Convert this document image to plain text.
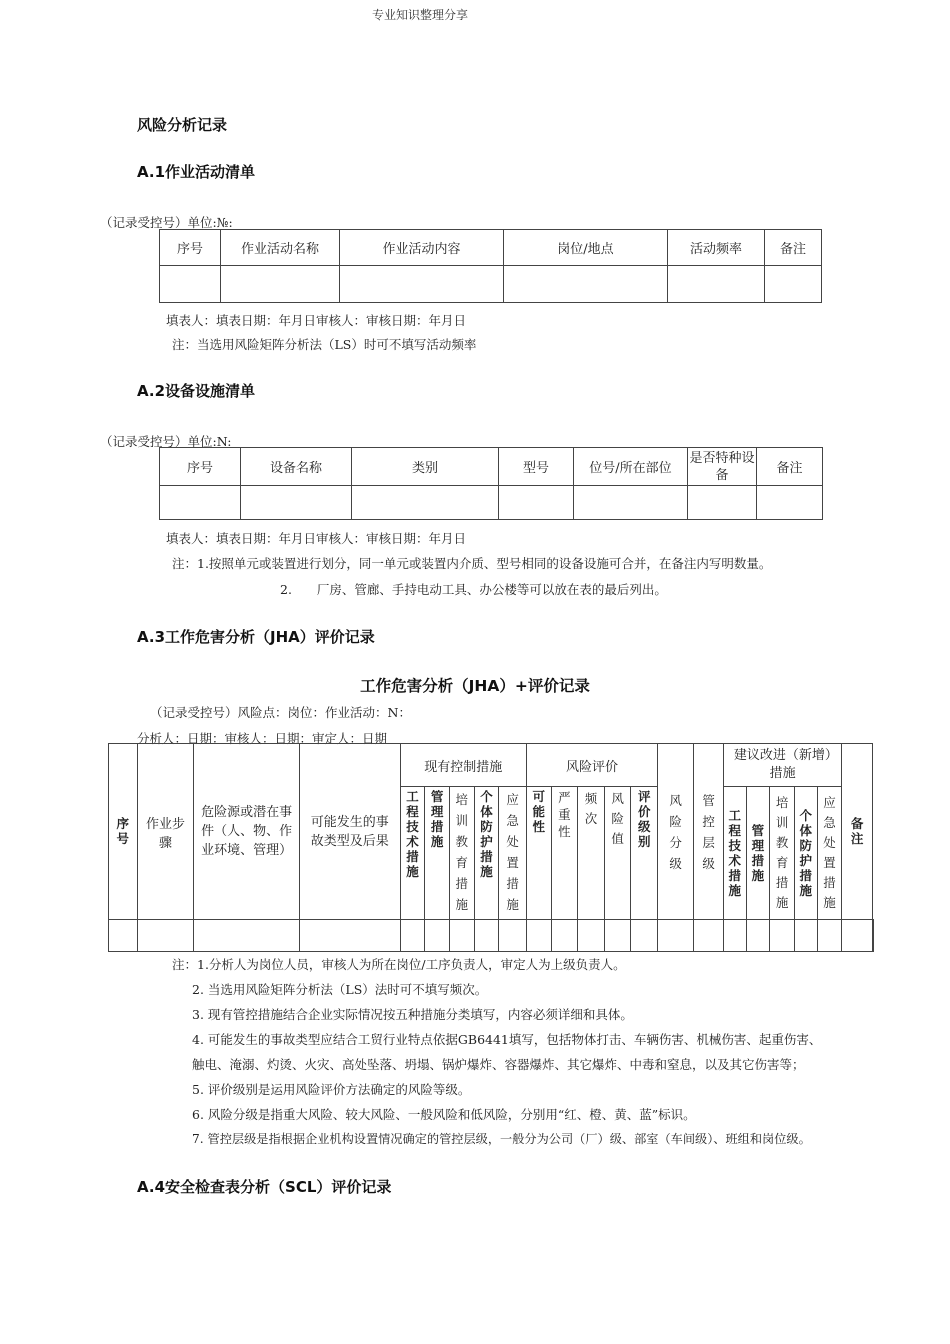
专业知识整理分享
风险分析记录
A.1作业活动清单
（记录受控号）单位:№:
序号	作业活动名称	作业活动内容	岗位/地点	活动频率	备注

填表人：填表日期：年月日审核人：审核日期：年月日
注：当选用风险矩阵分析法（LS）时可不填写活动频率
A.2设备设施清单
（记录受控号）单位:N:
序号	设备名称	类别	型号	位号/所在部位	是否特种设备	备注

填表人：填表日期：年月日审核人：审核日期：年月日
注：1.按照单元或装置进行划分，同一单元或装置内介质、型号相同的设备设施可合并，在备注内写明数量。
2.　　厂房、管廊、手持电动工具、办公楼等可以放在表的最后列出。
A.3工作危害分析（JHA）评价记录
工作危害分析（JHA）+评价记录
（记录受控号）风险点：岗位：作业活动：N：
分析人：日期：审核人：日期：审定人：日期
序号	作业步骤	危险源或潜在事件（人、物、作业环境、管理）	可能发生的事故类型及后果	现有控制措施					风险评价					风险分级	管控层级	建议改进（新增）措施					备注	
				工程技术措施	管理措施	培训教育措施	个体防护措施	应急处置措施	可能性	严重性	频次	风险值	评价级别			工程技术措施	管理措施	培训教育措施	个体防护措施	应急处置措施		

注：1.分析人为岗位人员，审核人为所在岗位/工序负责人，审定人为上级负责人。
2. 当选用风险矩阵分析法（LS）法时可不填写频次。
3. 现有管控措施结合企业实际情况按五种措施分类填写，内容必须详细和具体。
4. 可能发生的事故类型应结合工贸行业特点依据GB6441填写，包括物体打击、车辆伤害、机械伤害、起重伤害、
触电、淹溺、灼烫、火灾、高处坠落、坍塌、锅炉爆炸、容器爆炸、其它爆炸、中毒和窒息，以及其它伤害等；
5. 评价级别是运用风险评价方法确定的风险等级。
6. 风险分级是指重大风险、较大风险、一般风险和低风险，分别用“红、橙、黄、蓝”标识。
7. 管控层级是指根据企业机构设置情况确定的管控层级，一般分为公司（厂）级、部室（车间级）、班组和岗位级。
A.4安全检查表分析（SCL）评价记录
